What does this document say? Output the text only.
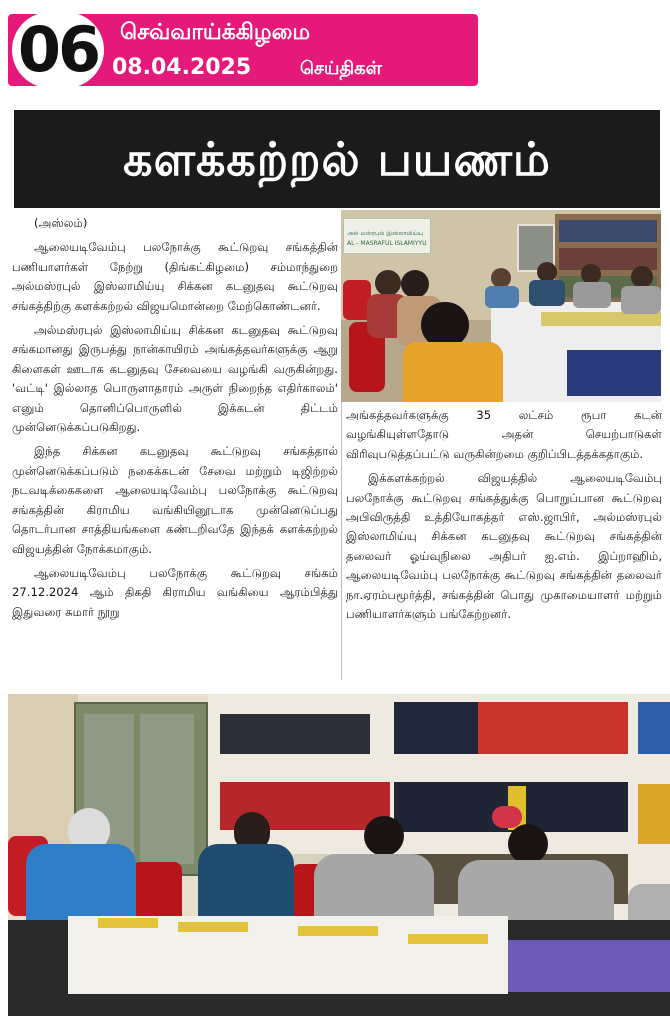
06 செவ்வாய்க்கிழமை
08.04.2025	செய்திகள்
களக்கற்றல் பயணம்

(அஸ்லம்)

ஆலையடிவேம்பு பலநோக்கு கூட்டுறவு சங்கத்தின் பணியாளர்கள் நேற்று (திங்கட்கிழமை) சம்மாந்துறை அல்மஸ்ரபுல் இஸ்லாமிய்யு சிக்கன கடனுதவு கூட்டுறவு சங்கத்திற்கு களக்கற்றல் விஜயமொன்றை மேற்கொண்டனர்.

அல்மஸ்ரபுல் இஸ்லாமிய்யு சிக்கன கடனுதவு கூட்டுறவு சங்கமானது இருபத்து நான்காயிரம் அங்கத்தவர்களுக்கு ஆறு கிளைகள் ஊடாக கடனுதவு சேவையை வழங்கி வருகின்றது. 'வட்டி' இல்லாத பொருளாதாரம் அருள் நிறைந்த எதிர்காலம்' எனும் தொனிப்பொருளில் இக்கடன் திட்டம் முன்னெடுக்கப்படுகிறது.

இந்த சிக்கன கடனுதவு கூட்டுறவு சங்கத்தால் முன்னெடுக்கப்படும் நகைக்கடன் சேவை மற்றும் டிஜிற்றல் நடவடிக்கைகளை ஆலையடிவேம்பு பலநோக்கு கூட்டுறவு சங்கத்தின் கிராமிய வங்கியினூடாக முன்னெடுப்பது தொடர்பான சாத்தியங்களை கண்டறிவதே இந்தக் களக்கற்றல் விஜயத்தின் நோக்கமாகும்.

ஆலையடிவேம்பு பலநோக்கு கூட்டுறவு சங்கம் 27.12.2024 ஆம் திகதி கிராமிய வங்கியை ஆரம்பித்து இதுவரை சுமார் நூறு

அல் மஸ்ரபுல் இஸ்லாமிய்யு
AL - MASRAFUL ISLAMIYYU

அங்கத்தவர்களுக்கு 35 லட்சம் ரூபா கடன் வழங்கியுள்ளதோடு அதன் செயற்பாடுகள் விரிவுபடுத்தப்பட்டு வருகின்றமை குறிப்பிடத்தக்கதாகும்.

இக்களக்கற்றல் விஜயத்தில் ஆலையடிவேம்பு பலநோக்கு கூட்டுறவு சங்கத்துக்கு பொறுப்பான கூட்டுறவு அபிவிருத்தி உத்தியோகத்தர் எஸ்.ஜாபிர், அல்மஸ்ரபுல் இஸ்லாமிய்யு சிக்கன கடனுதவு கூட்டுறவு சங்கத்தின் தலைவர் ஓய்வுநிலை அதிபர் ஐ.எம். இப்றாஹிம், ஆலையடிவேம்பு பலநோக்கு கூட்டுறவு சங்கத்தின் தலைவர் நா.ஏரம்பமூர்த்தி, சங்கத்தின் பொது முகாமையாளர் மற்றும் பணியாளர்களும் பங்கேற்றனர்.
